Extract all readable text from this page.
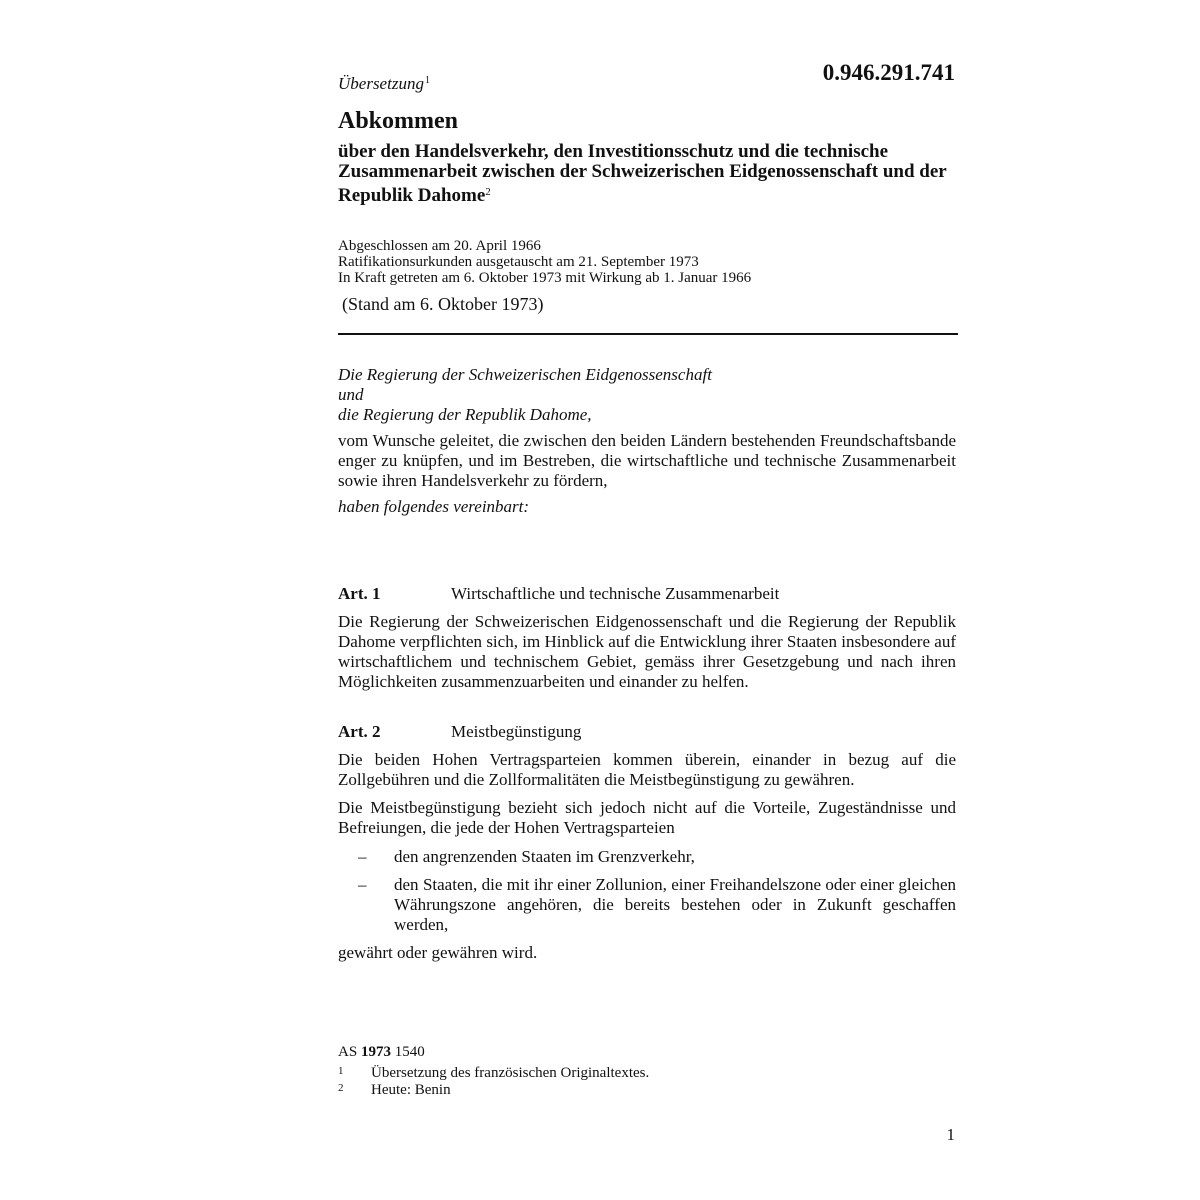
Übersetzung$^1$	0.946.291.741
Abkommen
über den Handelsverkehr, den Investitionsschutz und die technische Zusammenarbeit zwischen der Schweizerischen Eidgenossenschaft und der Republik Dahome$^2$
Abgeschlossen am 20. April 1966
Ratifikationsurkunden ausgetauscht am 21. September 1973
In Kraft getreten am 6. Oktober 1973 mit Wirkung ab 1. Januar 1966
(Stand am 6. Oktober 1973)
Die Regierung der Schweizerischen Eidgenossenschaft
und
die Regierung der Republik Dahome,
vom Wunsche geleitet, die zwischen den beiden Ländern bestehenden Freundschaftsbande enger zu knüpfen, und im Bestreben, die wirtschaftliche und technische Zusammenarbeit sowie ihren Handelsverkehr zu fördern,
haben folgendes vereinbart:
Art. 1	Wirtschaftliche und technische Zusammenarbeit
Die Regierung der Schweizerischen Eidgenossenschaft und die Regierung der Republik Dahome verpflichten sich, im Hinblick auf die Entwicklung ihrer Staaten insbesondere auf wirtschaftlichem und technischem Gebiet, gemäss ihrer Gesetzgebung und nach ihren Möglichkeiten zusammenzuarbeiten und einander zu helfen.
Art. 2	Meistbegünstigung
Die beiden Hohen Vertragsparteien kommen überein, einander in bezug auf die Zollgebühren und die Zollformalitäten die Meistbegünstigung zu gewähren.
Die Meistbegünstigung bezieht sich jedoch nicht auf die Vorteile, Zugeständnisse und Befreiungen, die jede der Hohen Vertragsparteien
– den angrenzenden Staaten im Grenzverkehr,
– den Staaten, die mit ihr einer Zollunion, einer Freihandelszone oder einer gleichen Währungszone angehören, die bereits bestehen oder in Zukunft geschaffen werden,
gewährt oder gewähren wird.
AS 1973 1540
1 Übersetzung des französischen Originaltextes.
2 Heute: Benin
1
